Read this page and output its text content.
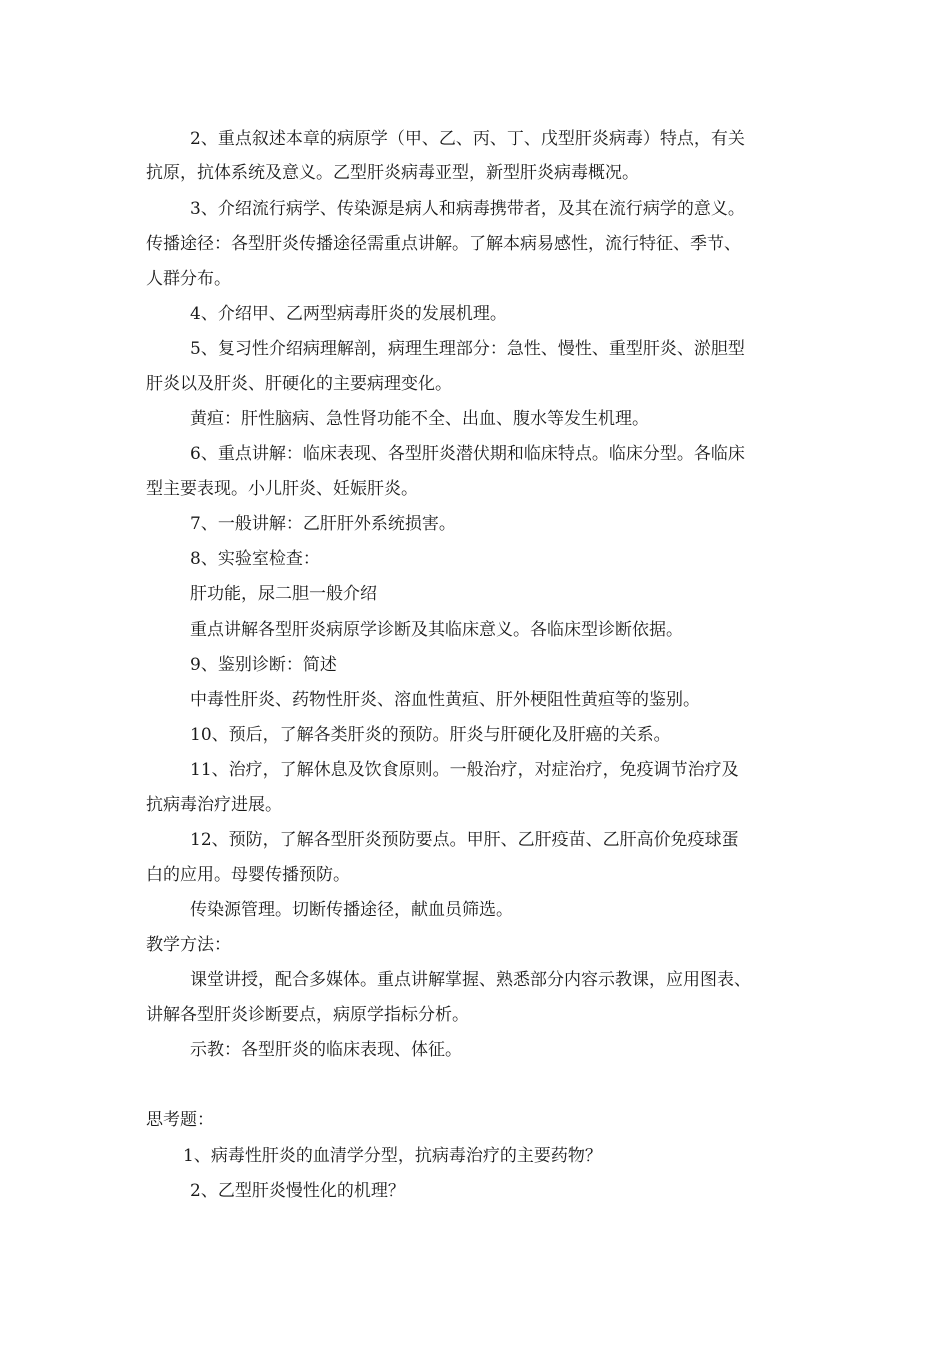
2、重点叙述本章的病原学（甲、乙、丙、丁、戊型肝炎病毒）特点，有关
抗原，抗体系统及意义。乙型肝炎病毒亚型，新型肝炎病毒概况。
3、介绍流行病学、传染源是病人和病毒携带者，及其在流行病学的意义。
传播途径：各型肝炎传播途径需重点讲解。了解本病易感性，流行特征、季节、
人群分布。
4、介绍甲、乙两型病毒肝炎的发展机理。
5、复习性介绍病理解剖，病理生理部分：急性、慢性、重型肝炎、淤胆型
肝炎以及肝炎、肝硬化的主要病理变化。
黄疸：肝性脑病、急性肾功能不全、出血、腹水等发生机理。
6、重点讲解：临床表现、各型肝炎潜伏期和临床特点。临床分型。各临床
型主要表现。小儿肝炎、妊娠肝炎。
7、一般讲解：乙肝肝外系统损害。
8、实验室检查：
肝功能，尿二胆一般介绍
重点讲解各型肝炎病原学诊断及其临床意义。各临床型诊断依据。
9、鉴别诊断：简述
中毒性肝炎、药物性肝炎、溶血性黄疸、肝外梗阻性黄疸等的鉴别。
10、预后，了解各类肝炎的预防。肝炎与肝硬化及肝癌的关系。
11、治疗，了解休息及饮食原则。一般治疗，对症治疗，免疫调节治疗及
抗病毒治疗进展。
12、预防，了解各型肝炎预防要点。甲肝、乙肝疫苗、乙肝高价免疫球蛋
白的应用。母婴传播预防。
传染源管理。切断传播途径，献血员筛选。
教学方法：
课堂讲授，配合多媒体。重点讲解掌握、熟悉部分内容示教课，应用图表、
讲解各型肝炎诊断要点，病原学指标分析。
示教：各型肝炎的临床表现、体征。
思考题：
1、病毒性肝炎的血清学分型，抗病毒治疗的主要药物？
2、乙型肝炎慢性化的机理？
